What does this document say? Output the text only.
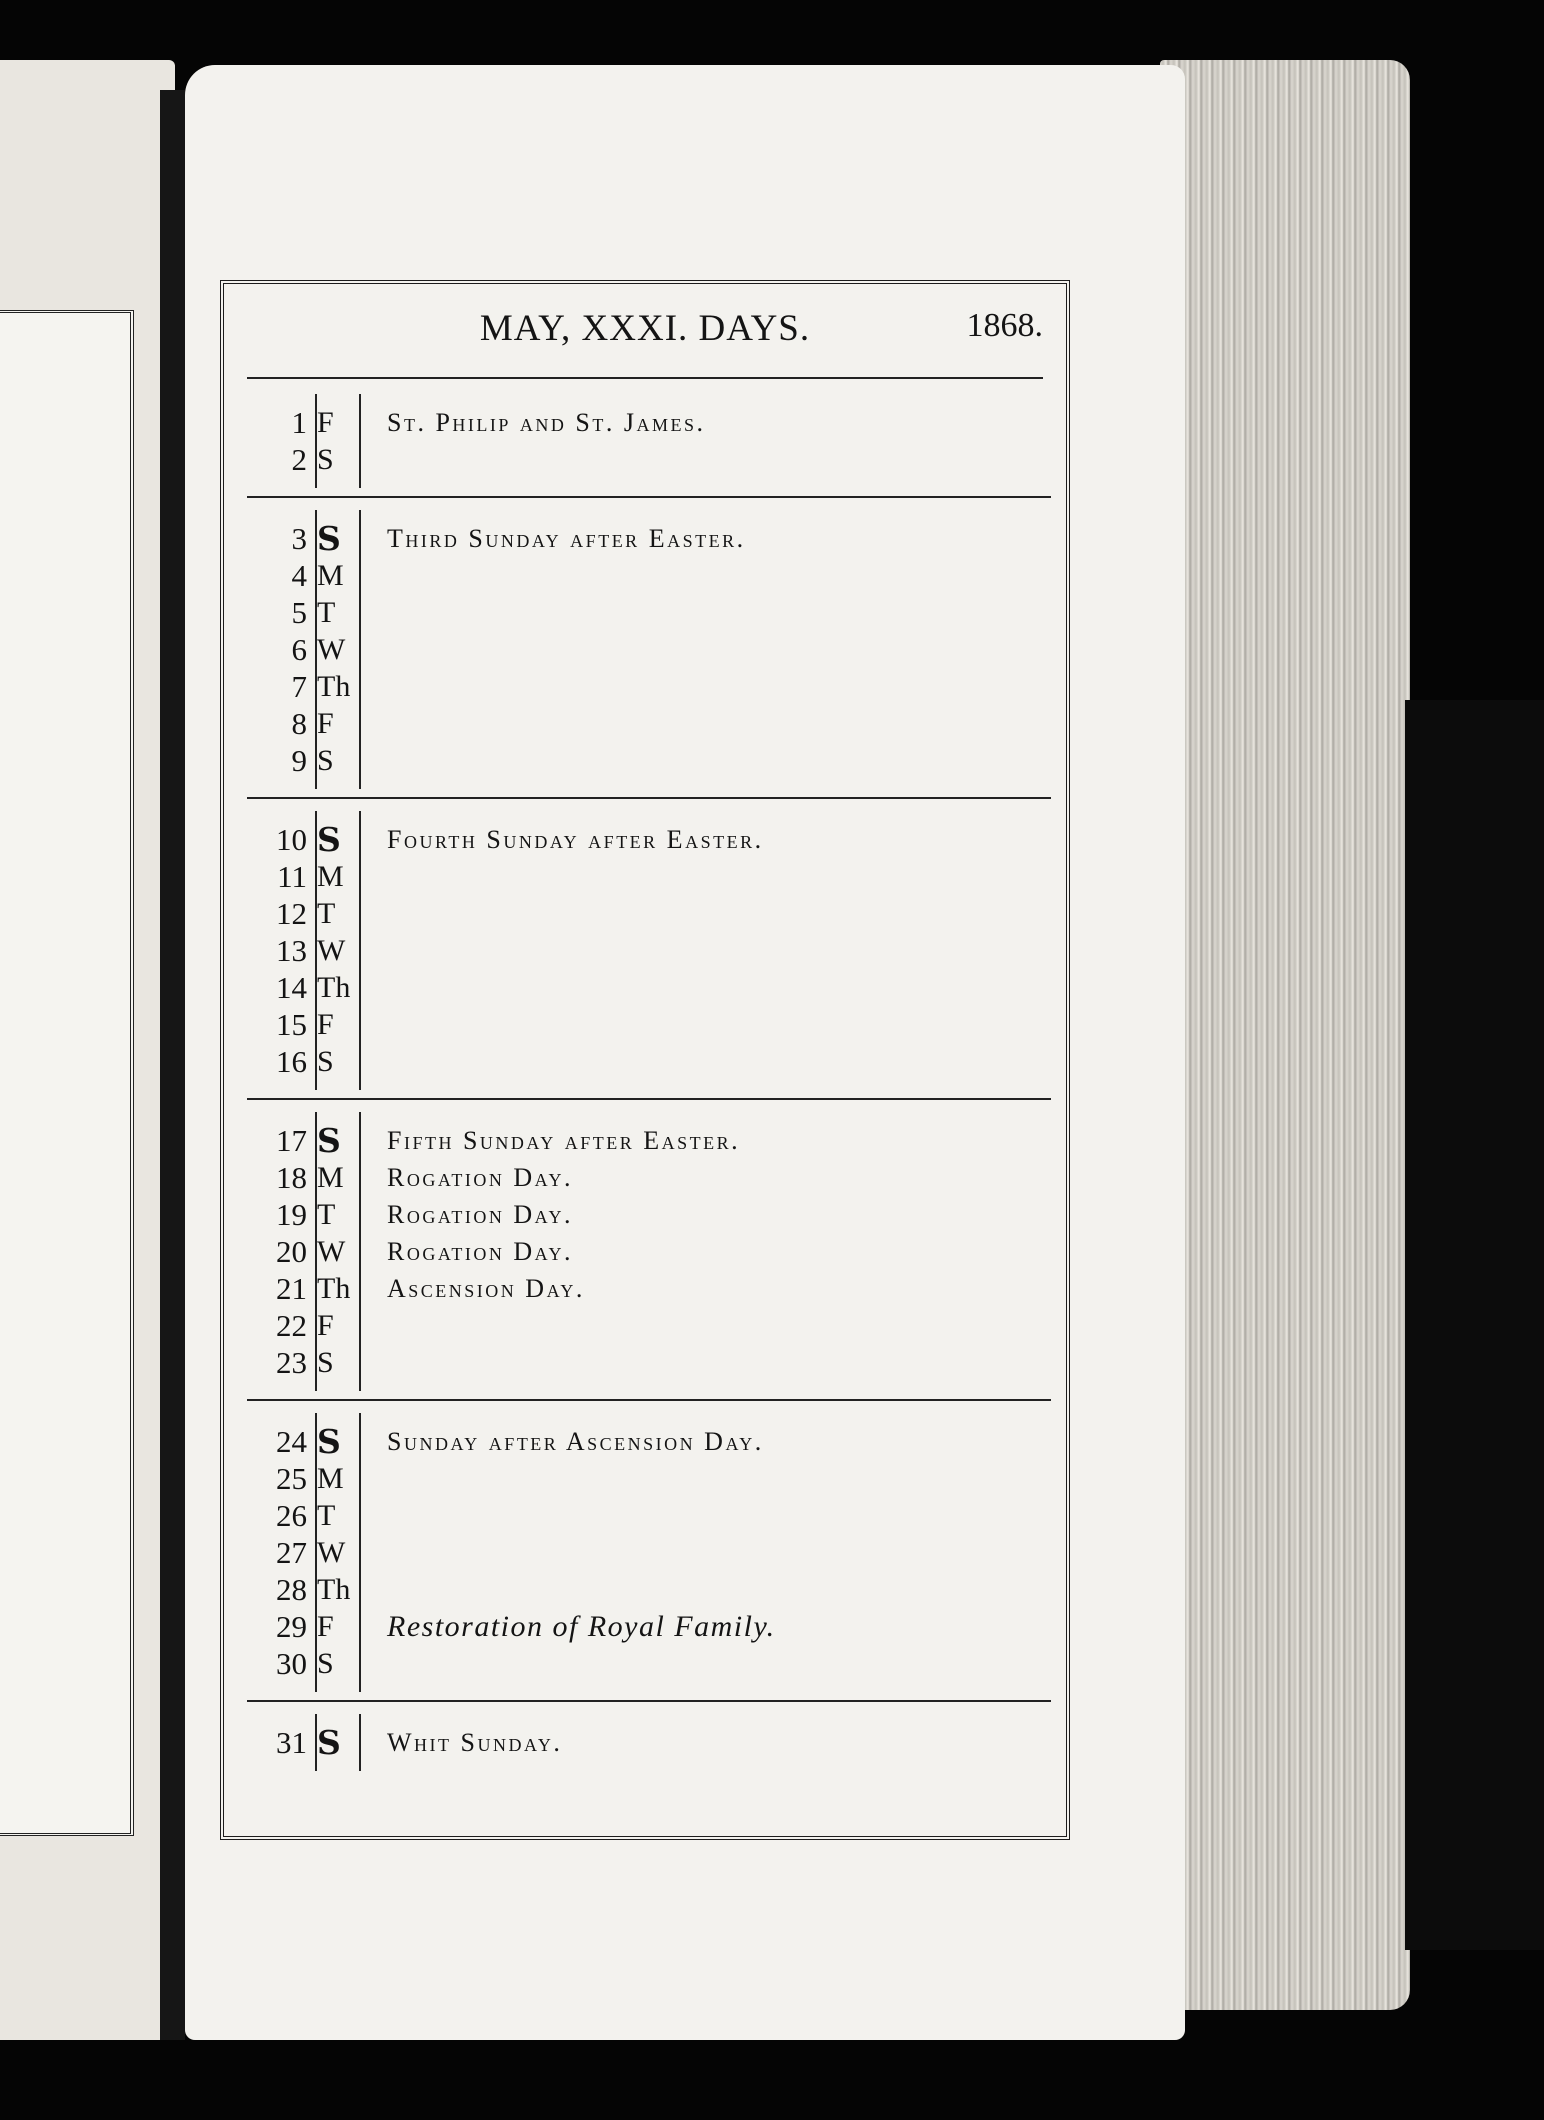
MAY, XXXI. DAYS.	1868.
1 F	St. Philip and St. James.
2 S
3 S	Third Sunday after Easter.
4 M
5 T
6 W
7 Th
8 F
9 S
10 S	Fourth Sunday after Easter.
11 M
12 T
13 W
14 Th
15 F
16 S
17 S	Fifth Sunday after Easter.
18 M	Rogation Day.
19 T	Rogation Day.
20 W	Rogation Day.
21 Th	Ascension Day.
22 F
23 S
24 S	Sunday after Ascension Day.
25 M
26 T
27 W
28 Th
29 F	Restoration of Royal Family.
30 S
31 S	Whit Sunday.
